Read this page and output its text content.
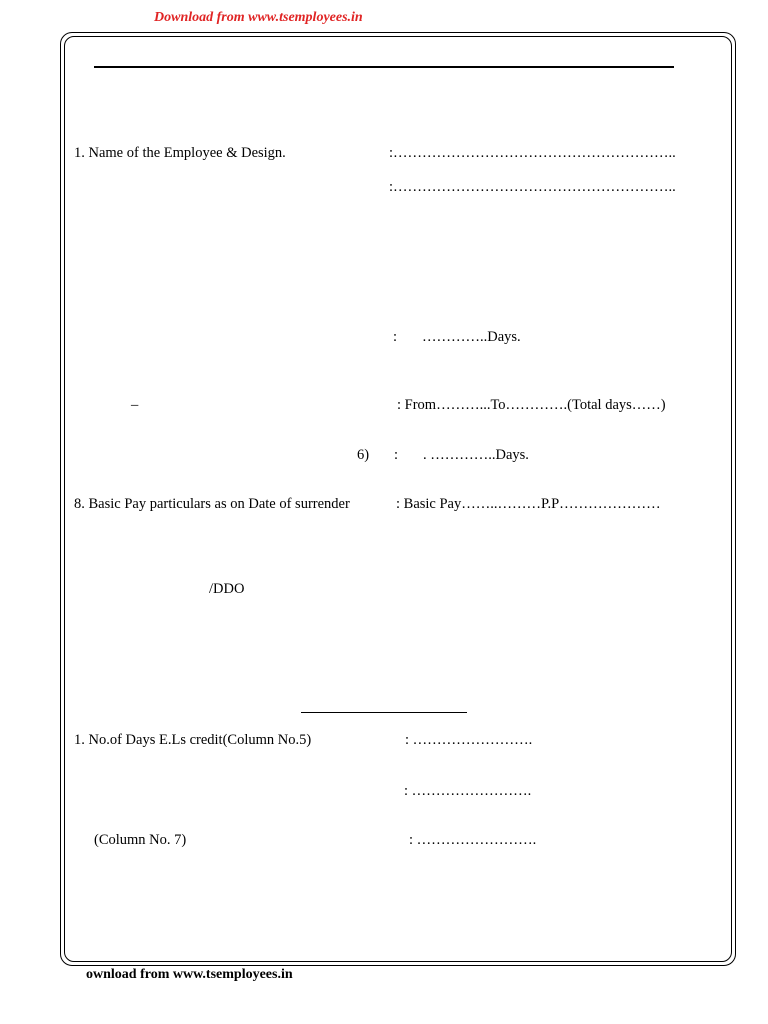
Download from www.tsemployees.in
1. Name of the Employee & Design.	:…………………………………………………..
:…………………………………………………..
: …………..Days.
–	: From………...To………….(Total days……)
6) : . …………..Days.
8. Basic Pay particulars as on Date of surrender	: Basic Pay……..………P.P…………………
/DDO
1. No.of Days E.Ls credit(Column No.5)	: …………………….
: …………………….
(Column No. 7)	: …………………….
ownload from www.tsemployees.in
